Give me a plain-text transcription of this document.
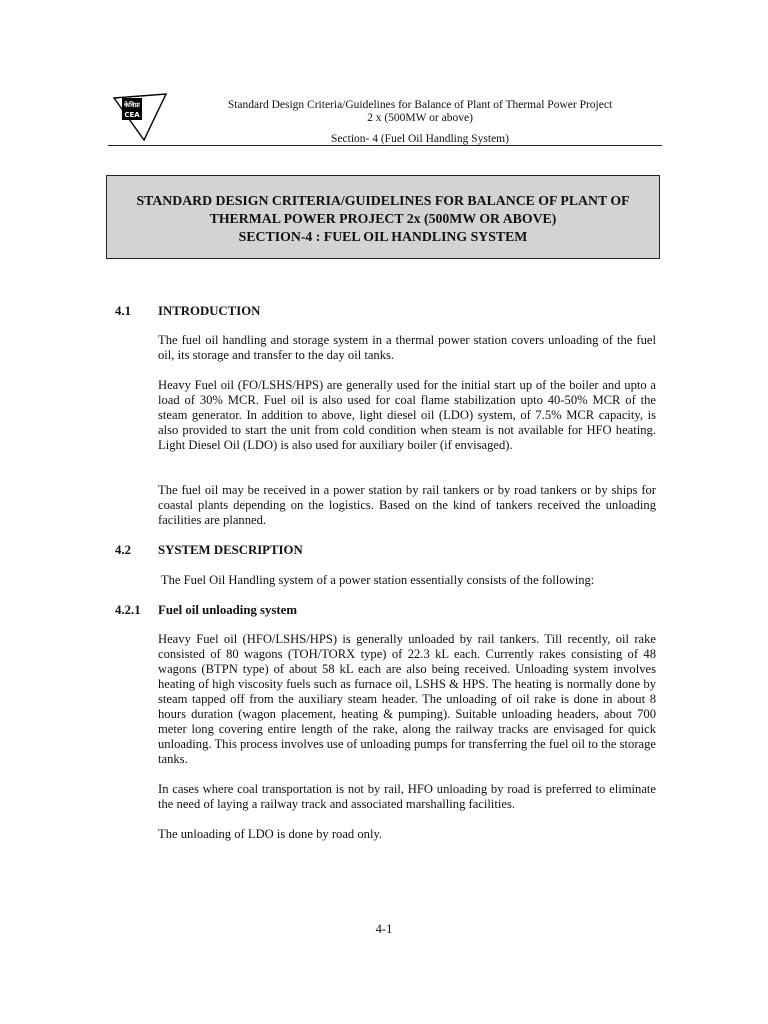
केविप्रा
CEA
Standard Design Criteria/Guidelines for Balance of Plant of Thermal Power Project
2 x (500MW or above)
Section- 4 (Fuel Oil Handling System)
STANDARD DESIGN CRITERIA/GUIDELINES FOR BALANCE OF PLANT OF
THERMAL POWER PROJECT 2x (500MW OR ABOVE)
SECTION-4 : FUEL OIL HANDLING SYSTEM
4.1 INTRODUCTION

The fuel oil handling and storage system in a thermal power station covers unloading of the fuel oil, its storage and transfer to the day oil tanks.

Heavy Fuel oil (FO/LSHS/HPS) are generally used for the initial start up of the boiler and upto a load of 30% MCR. Fuel oil is also used for coal flame stabilization upto 40-50% MCR of the steam generator. In addition to above, light diesel oil (LDO) system, of 7.5% MCR capacity, is also provided to start the unit from cold condition when steam is not available for HFO heating. Light Diesel Oil (LDO) is also used for auxiliary boiler (if envisaged).

The fuel oil may be received in a power station by rail tankers or by road tankers or by ships for coastal plants depending on the logistics. Based on the kind of tankers received the unloading facilities are planned.

4.2 SYSTEM DESCRIPTION

The Fuel Oil Handling system of a power station essentially consists of the following:

4.2.1 Fuel oil unloading system

Heavy Fuel oil (HFO/LSHS/HPS) is generally unloaded by rail tankers. Till recently, oil rake consisted of 80 wagons (TOH/TORX type) of 22.3 kL each. Currently rakes consisting of 48 wagons (BTPN type) of about 58 kL each are also being received. Unloading system involves heating of high viscosity fuels such as furnace oil, LSHS & HPS. The heating is normally done by steam tapped off from the auxiliary steam header. The unloading of oil rake is done in about 8 hours duration (wagon placement, heating & pumping). Suitable unloading headers, about 700 meter long covering entire length of the rake, along the railway tracks are envisaged for quick unloading. This process involves use of unloading pumps for transferring the fuel oil to the storage tanks.

In cases where coal transportation is not by rail, HFO unloading by road is preferred to eliminate the need of laying a railway track and associated marshalling facilities.

The unloading of LDO is done by road only.

4-1
